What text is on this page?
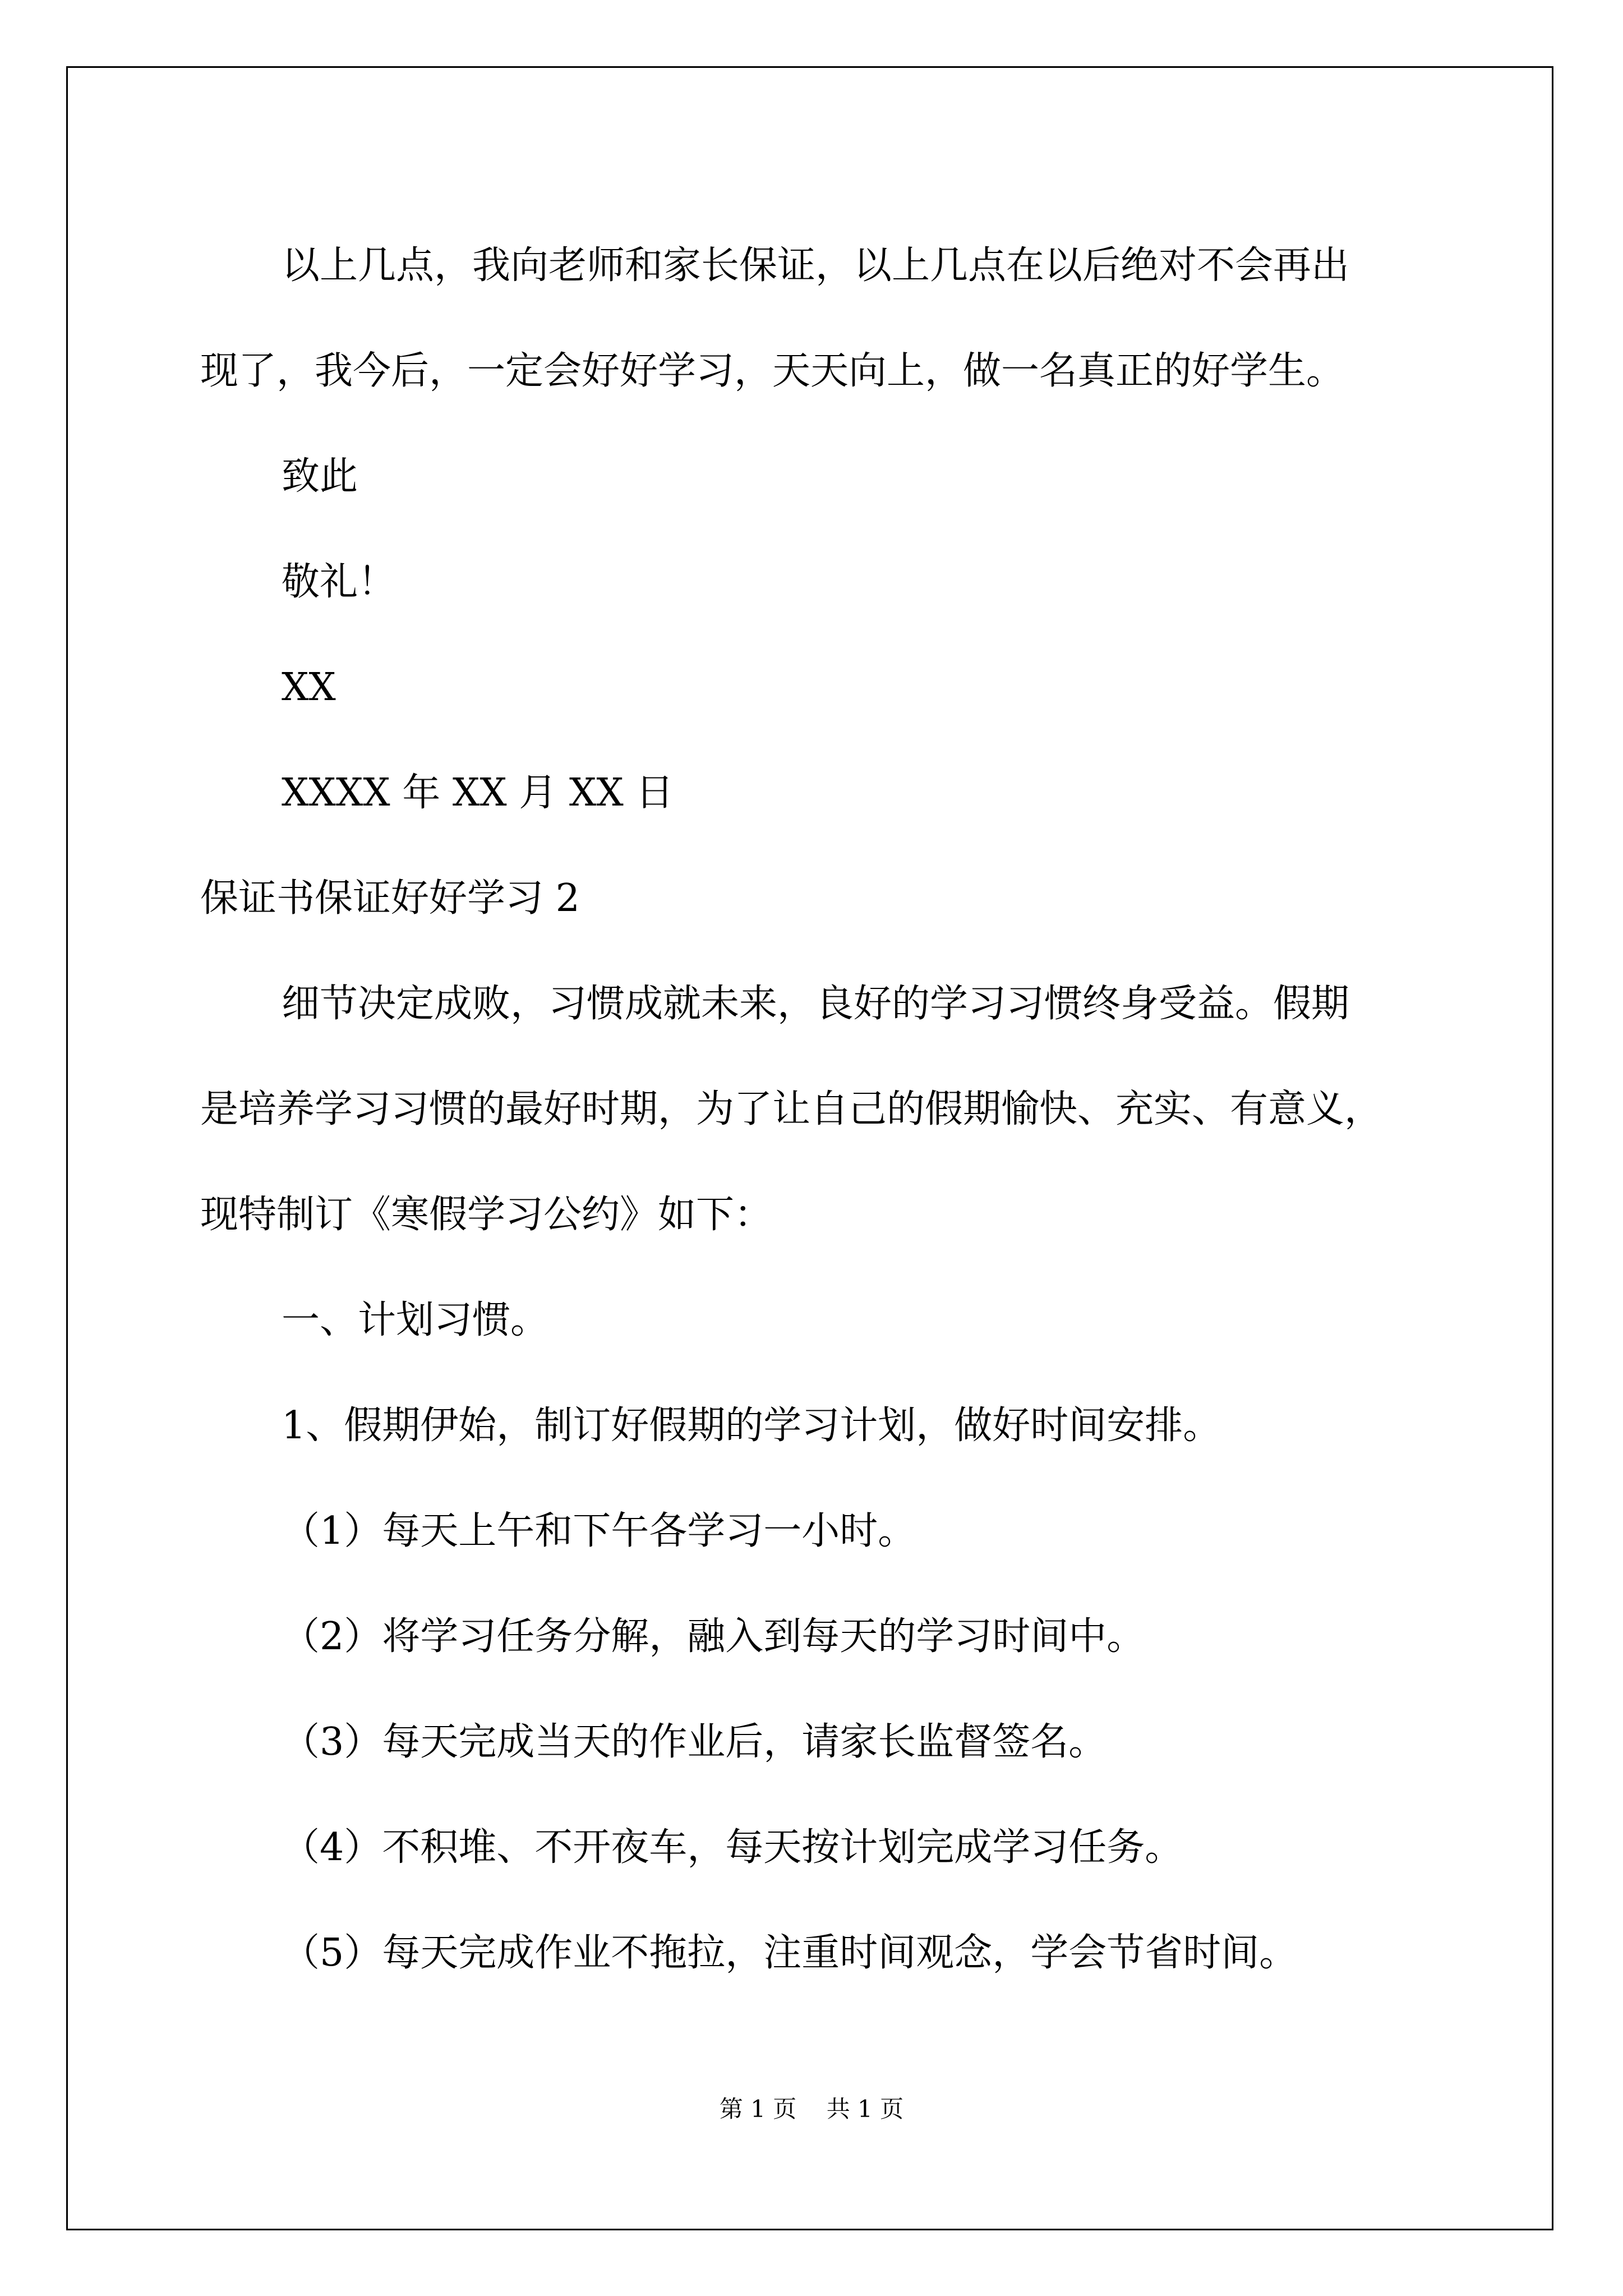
以上几点，我向老师和家长保证，以上几点在以后绝对不会再出

现了，我今后，一定会好好学习，天天向上，做一名真正的好学生。

致此

敬礼！

XX

XXXX 年 XX 月 XX 日

保证书保证好好学习 2

细节决定成败，习惯成就未来，良好的学习习惯终身受益。假期

是培养学习习惯的最好时期，为了让自己的假期愉快、充实、有意义，

现特制订《寒假学习公约》如下：

一、计划习惯。

1、假期伊始，制订好假期的学习计划，做好时间安排。

（1）每天上午和下午各学习一小时。

（2）将学习任务分解，融入到每天的学习时间中。

（3）每天完成当天的作业后，请家长监督签名。

（4）不积堆、不开夜车，每天按计划完成学习任务。

（5）每天完成作业不拖拉，注重时间观念，学会节省时间。

第 1 页    共 1 页
